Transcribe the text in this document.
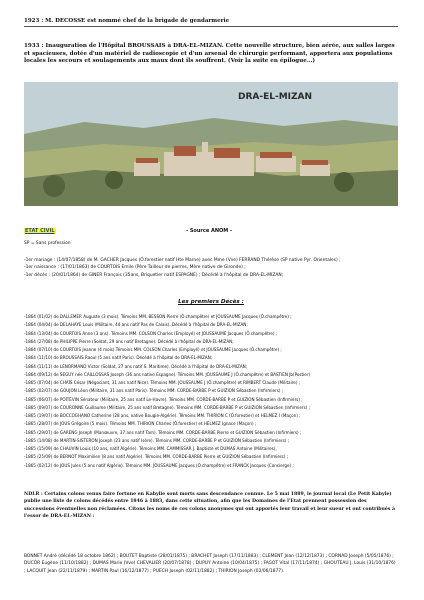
1923 : M. DECOSSE est nommé chef de la brigade de gendarmerie
1933 : Inauguration de l'Hôpital BROUSSAIS à DRA-EL-MIZAN. Cette nouvelle structure, bien aérée, aux salles larges et spacieuses, dotée d'un matériel de radioscopie et d'un arsenal de chirurgie performant, apportera aux populations locales les secours et soulagements aux maux dont ils souffrent. (Voir la suite en épilogue…)
DRA-EL-MIZAN
ETAT CIVIL	- Source ANOM -
SP = Sans profession
-1er mariage : (14/07/1858) de M. GACHER Jacques (Ô.forestier natif Hte Marne) avec Mme (Vve) FERRAND Thérèse (SP native Pyr. Orientales) ;
-1er naissance : (17/01/1863) de COURTOIS Emile (Père Tailleur de pierres, Mère native de Gironde) ;
-1er décès : (20/01/1864) de GINER François (35ans, Briquetier natif ESPAGNE) ; Décédé à l'hôpital de DRA-EL-MIZAN;
Les premiers Décès :
-1864 (01/02) de DALLEMER Auguste (3 mois). Témoins MM. BESSON Pierre (Ô.champêtre) et JOUSSAUME Jacques (Ô.champêtre) ;
-1864 (04/04) de DELAHAYE Louis (Militaire, 44 ans natif Pas de Calais). Décédé à l'hôpital de DRA-EL-MIZAN;
-1864 (13/04) de COURTOIS Anne (3 ans). Témoins MM. COLSON Charles (Employé) et JOUSSAUME Jacques (Ô.champêtre) ;
-1864 (27/08) de PHILIPPE Pierre (Soldat, 29 ans natif Bretagne). Décédé à l'hôpital de DRA-EL-MIZAN;
-1864 (07/10) de COURTOIS Jeanne (4 mois).Témoins MM. COLSON Charles (Employé) et JOUSSAUME Jacques (Ô.champêtre) ;
-1864 (11/10) de BROUSSAIS Raoul (5 ans natif Paris). Décédé à l'hôpital de DRA-EL-MIZAN;
-1864 (11/11) de LENORMAND Victor (Soldat, 27 ans natif S. Maritime). Décédé à l'hôpital de DRA-EL-MIZAN;
-1864 (09/12) de SEGUY née CAILLOSSAS Joseph (36 ans native Espagne). Témoins MM. JOUSSAUME J (Ô.champêtre) et BASTIEN Jb(Postier)
-1865 (07/04) de CHAÏS César (Négociant, 31 ans natif Nice). Témoins MM. JOUSSAUME J (Ô.champêtre) et RIMBERT Claude (Militaire) ;
-1865 (02/07) de GOUJON Léon (Militaire, 31 ans natif Paris). Témoins MM. CORDE-BARBE P et GUIZION Sébastien (Infirmiers) ;
-1865 (06/07) de POITEVIN Sénateur (Militaire, 25 ans natif Le-Havre). Témoins MM. CORDE-BARBE P et GUIZION Sébastien (Infirmiers) ;
-1865 (09/07) de COURONNE Guillaume (Militaire, 25 ans natif Bretagne). Témoins MM. CORDE-BARBE P et GUIZION Sébastien (Infirmiers) ;
-1865 (19/07) de BOCCOGHANO Catherine (28 ans, native Bougie-Algérie). Témoins MM. THIRION C (Ô.forestier) et HELMEZ I (Maçon) ;
-1865 (28/07) de JOUS Grégoire (5 mois). Témoins MM. THIRION Charles (Ô.forestier) et HELMEZ Ignace (Maçon) ;
-1865 (29/07) de GARENG Joseph (Manœuvre, 37 ans natif Tarn). Témoins MM. CORDE-BARBE Pierre et GUIZION Sébastien (Infirmiers) ;
-1865 (14/08) de MARTIN-SISTERON Joseph (23 ans natif Isère). Témoins MM. CORDE-BARBE P et GUIZION Sébastien (Infirmiers) ;
-1865 (15/09) de CHAUVIN Louis (10 ans, natif Algérie). Témoins MM. CAMMISSAR J. Baptiste et DUMAS Antoine (Militaires),
-1865 (25/09) de BERNOT Maximilien (8 ans natif Algérie). Témoins MM. CORDE-BARBE Pierre et GUIZION Sébastien (Infirmiers) ;
-1865 (02/12) de JOUS Jules (5 ans natif Algérie). Témoins MM. JOUSSAUME Jacques (Ô.champêtre) et FRANCK Jacques (Concierge) ;
NDLR : Certains colons venus faire fortune en Kabylie sont morts sans descendance connue. Le 5 mai 1889, le journal local (Le Petit Kabyle) publie une liste de colons décédés entre 1846 à 1883, dans cette situation, afin que les Domaines de l'Etat prennent possession des successions éventuelles non réclamées. Citons les noms de ces colons anonymes qui ont apportés leur travail et leur sueur et ont contribués à l'essor de DRA-EL-MIZAN :
BONNET André (décédé 18 octobre 1862) ; BOUTET Baptiste (28/01/1875) ; BRACHET Joseph (17/11/1883) ; CLEMENT Jean (12/12/1873) ; CORNAD Joseph (5/05/1876) ; DUCÔR Eugène (11/10/1882) ; DUMAS Marie (Vve) CHEVALIER (20/07/1878) ; DUPUY Antoine (10/04/1875) ; FAGOT Vital (17/11/1874) ; GHOUTEAU J. Louis (31/10/1876) ; LACQUIT Jean (22/11/1879) ; MARTIN Paul (16/12/1877) ; PUECH Joseph (02/11/1882) ; THIRION Joseph (02/06/1877).
